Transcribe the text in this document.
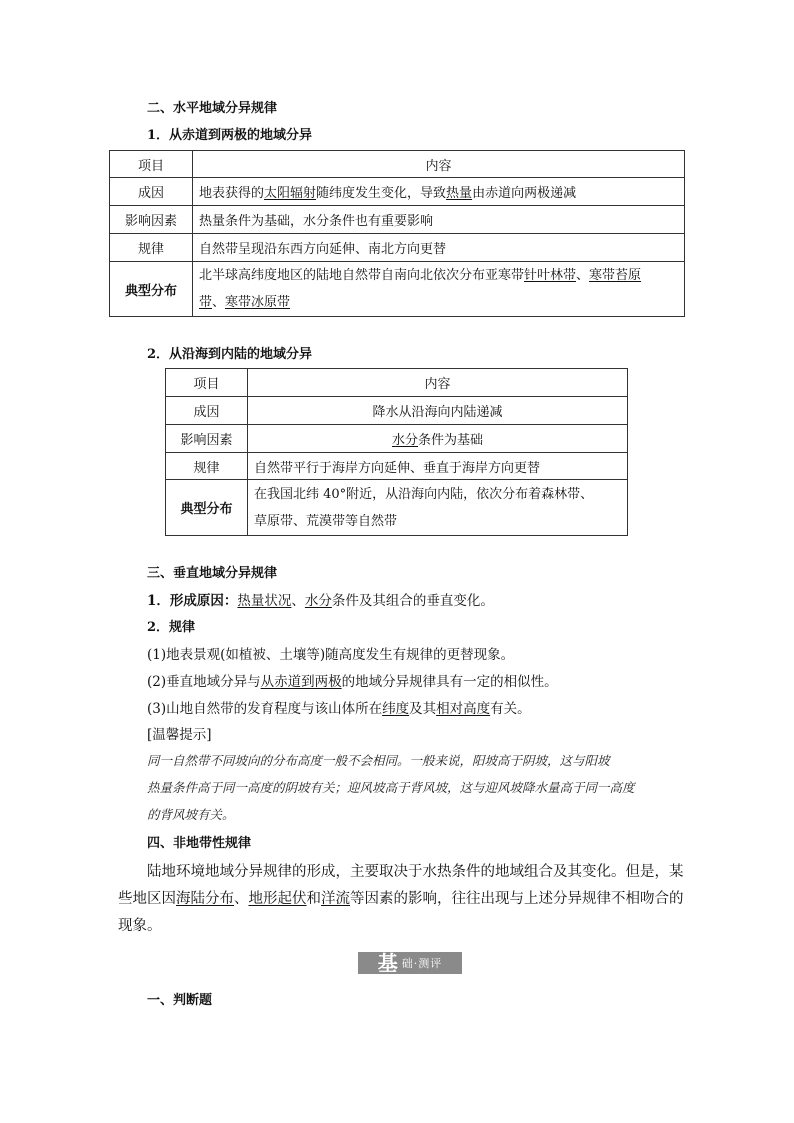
二、水平地域分异规律
1．从赤道到两极的地域分异
项目	内容
成因	地表获得的太阳辐射随纬度发生变化，导致热量由赤道向两极递减
影响因素	热量条件为基础，水分条件也有重要影响
规律	自然带呈现沿东西方向延伸、南北方向更替
典型分布	北半球高纬度地区的陆地自然带自南向北依次分布亚寒带针叶林带、寒带苔原
带、寒带冰原带
2．从沿海到内陆的地域分异
项目	内容
成因	降水从沿海向内陆递减
影响因素	水分条件为基础
规律	自然带平行于海岸方向延伸、垂直于海岸方向更替
典型分布	在我国北纬 40°附近，从沿海向内陆，依次分布着森林带、
草原带、荒漠带等自然带
三、垂直地域分异规律
1．形成原因：热量状况、水分条件及其组合的垂直变化。
2．规律
(1)地表景观(如植被、土壤等)随高度发生有规律的更替现象。
(2)垂直地域分异与从赤道到两极的地域分异规律具有一定的相似性。
(3)山地自然带的发育程度与该山体所在纬度及其相对高度有关。
[温馨提示]
同一自然带不同坡向的分布高度一般不会相同。一般来说，阳坡高于阴坡，这与阳坡
热量条件高于同一高度的阴坡有关；迎风坡高于背风坡，这与迎风坡降水量高于同一高度
的背风坡有关。
四、非地带性规律
陆地环境地域分异规律的形成，主要取决于水热条件的地域组合及其变化。但是，某
些地区因海陆分布、地形起伏和洋流等因素的影响，往往出现与上述分异规律不相吻合的
现象。
基 础·测评
一、判断题
